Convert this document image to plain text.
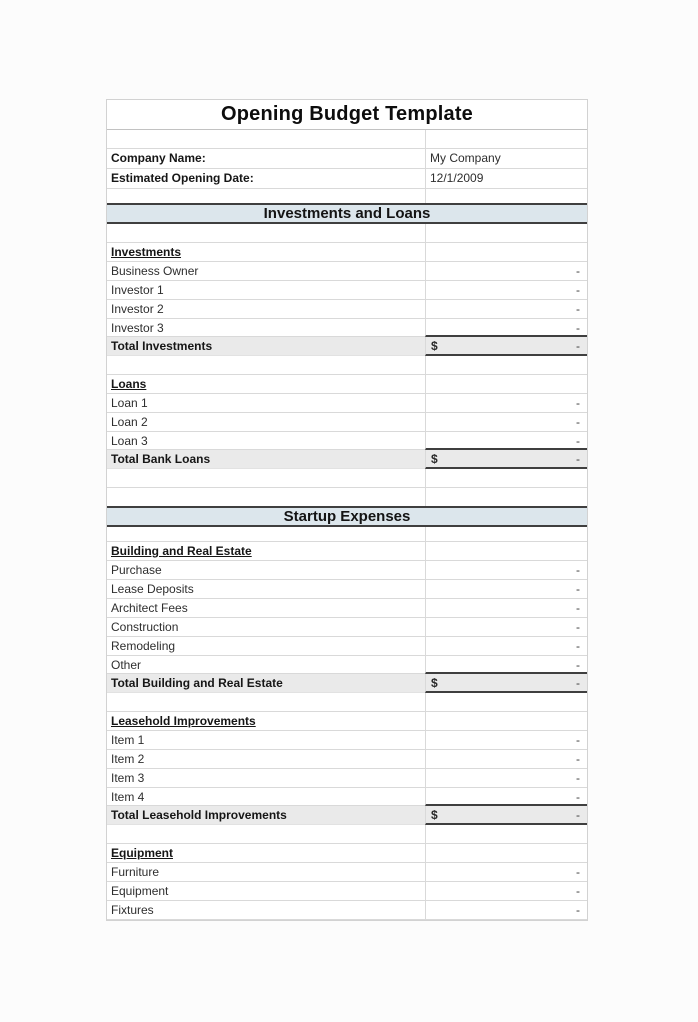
Opening Budget Template
Company Name:	My Company
Estimated Opening Date:	12/1/2009
Investments and Loans
Investments
Business Owner	-
Investor 1	-
Investor 2	-
Investor 3	-
Total Investments	$	-
Loans
Loan 1	-
Loan 2	-
Loan 3	-
Total Bank Loans	$	-
Startup Expenses
Building and Real Estate
Purchase	-
Lease Deposits	-
Architect Fees	-
Construction	-
Remodeling	-
Other	-
Total Building and Real Estate	$	-
Leasehold Improvements
Item 1	-
Item 2	-
Item 3	-
Item 4	-
Total Leasehold Improvements	$	-
Equipment
Furniture	-
Equipment	-
Fixtures	-
